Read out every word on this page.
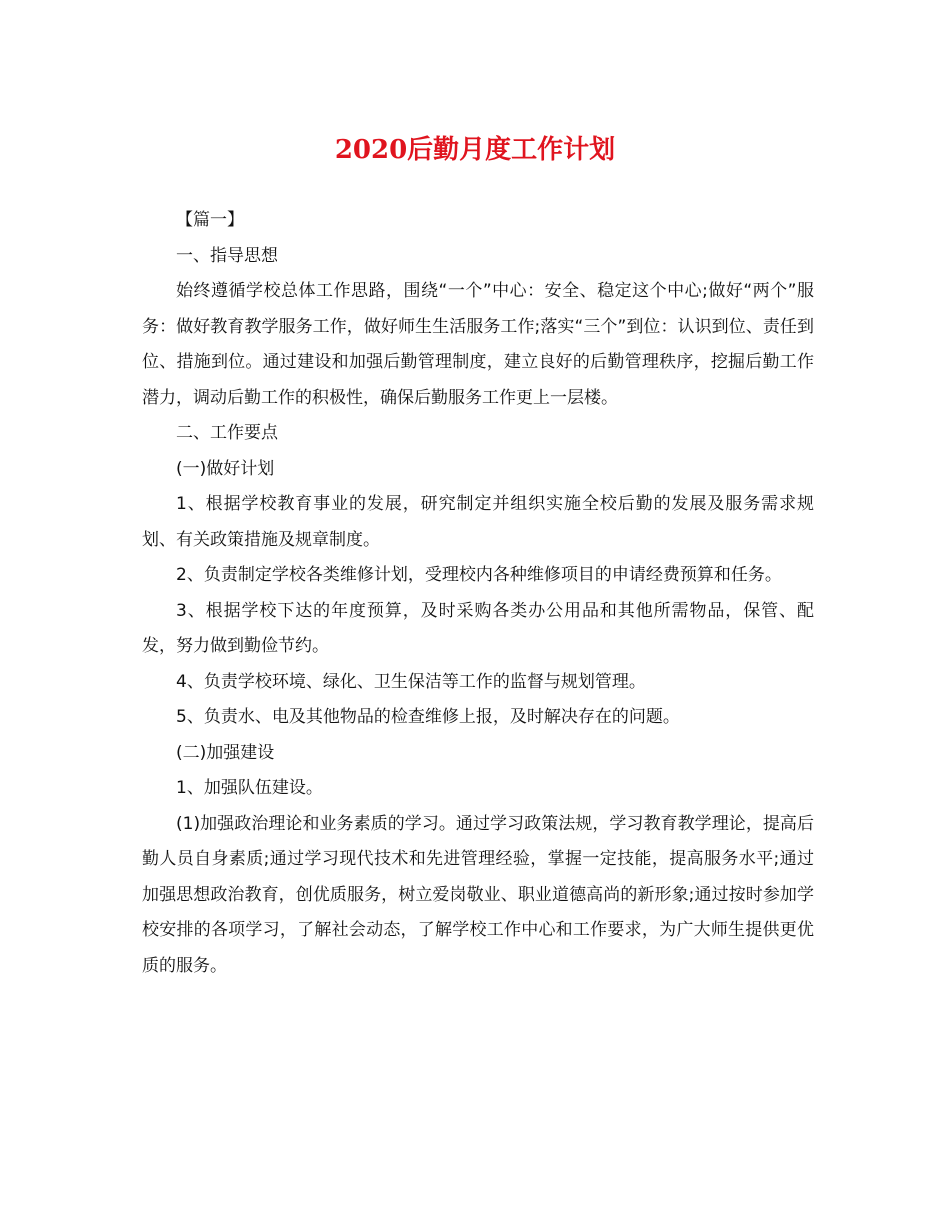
2020后勤月度工作计划

【篇一】

一、指导思想

始终遵循学校总体工作思路，围绕“一个”中心：安全、稳定这个中心;做好“两个”服务：做好教育教学服务工作，做好师生生活服务工作;落实“三个”到位：认识到位、责任到位、措施到位。通过建设和加强后勤管理制度，建立良好的后勤管理秩序，挖掘后勤工作潜力，调动后勤工作的积极性，确保后勤服务工作更上一层楼。

二、工作要点

(一)做好计划

1、根据学校教育事业的发展，研究制定并组织实施全校后勤的发展及服务需求规划、有关政策措施及规章制度。

2、负责制定学校各类维修计划，受理校内各种维修项目的申请经费预算和任务。

3、根据学校下达的年度预算，及时采购各类办公用品和其他所需物品，保管、配发，努力做到勤俭节约。

4、负责学校环境、绿化、卫生保洁等工作的监督与规划管理。

5、负责水、电及其他物品的检查维修上报，及时解决存在的问题。

(二)加强建设

1、加强队伍建设。

(1)加强政治理论和业务素质的学习。通过学习政策法规，学习教育教学理论，提高后勤人员自身素质;通过学习现代技术和先进管理经验，掌握一定技能，提高服务水平;通过加强思想政治教育，创优质服务，树立爱岗敬业、职业道德高尚的新形象;通过按时参加学校安排的各项学习，了解社会动态，了解学校工作中心和工作要求，为广大师生提供更优质的服务。
